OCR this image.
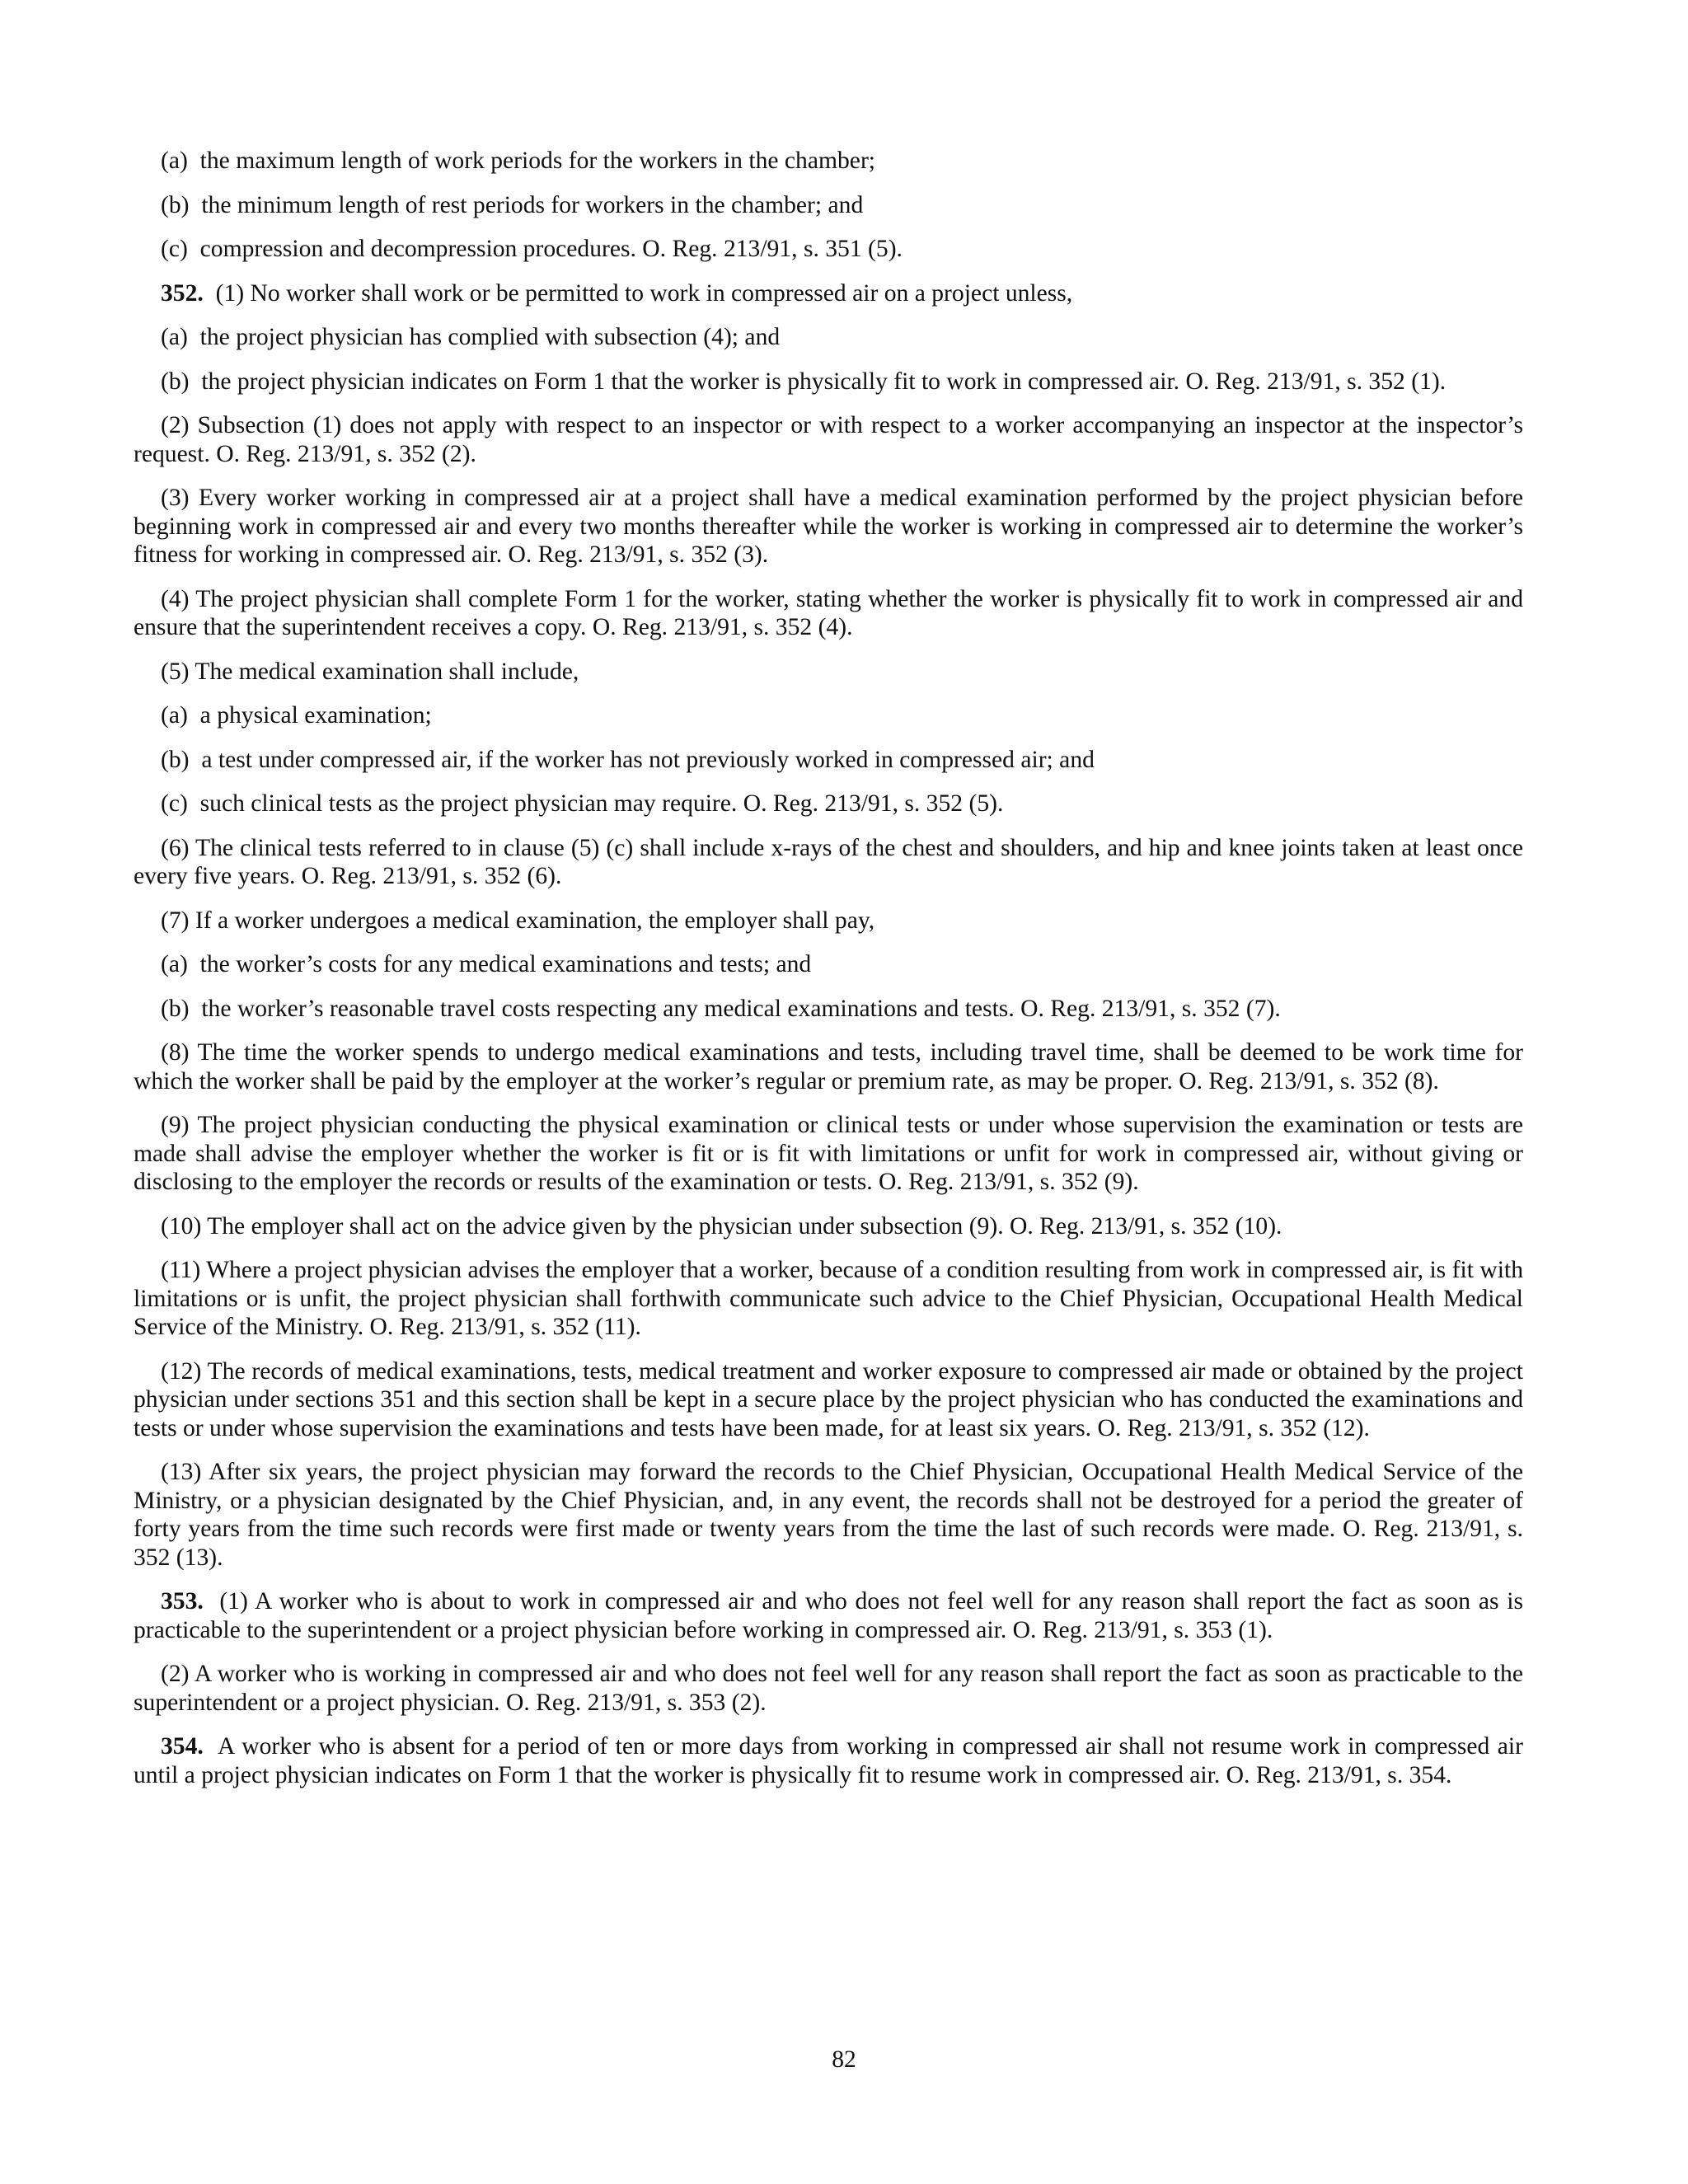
(a) the maximum length of work periods for the workers in the chamber;
(b) the minimum length of rest periods for workers in the chamber; and
(c) compression and decompression procedures. O. Reg. 213/91, s. 351 (5).
352. (1) No worker shall work or be permitted to work in compressed air on a project unless,
(a) the project physician has complied with subsection (4); and
(b) the project physician indicates on Form 1 that the worker is physically fit to work in compressed air. O. Reg. 213/91, s. 352 (1).
(2) Subsection (1) does not apply with respect to an inspector or with respect to a worker accompanying an inspector at the inspector’s request. O. Reg. 213/91, s. 352 (2).
(3) Every worker working in compressed air at a project shall have a medical examination performed by the project physician before beginning work in compressed air and every two months thereafter while the worker is working in compressed air to determine the worker’s fitness for working in compressed air. O. Reg. 213/91, s. 352 (3).
(4) The project physician shall complete Form 1 for the worker, stating whether the worker is physically fit to work in compressed air and ensure that the superintendent receives a copy. O. Reg. 213/91, s. 352 (4).
(5) The medical examination shall include,
(a) a physical examination;
(b) a test under compressed air, if the worker has not previously worked in compressed air; and
(c) such clinical tests as the project physician may require. O. Reg. 213/91, s. 352 (5).
(6) The clinical tests referred to in clause (5) (c) shall include x-rays of the chest and shoulders, and hip and knee joints taken at least once every five years. O. Reg. 213/91, s. 352 (6).
(7) If a worker undergoes a medical examination, the employer shall pay,
(a) the worker’s costs for any medical examinations and tests; and
(b) the worker’s reasonable travel costs respecting any medical examinations and tests. O. Reg. 213/91, s. 352 (7).
(8) The time the worker spends to undergo medical examinations and tests, including travel time, shall be deemed to be work time for which the worker shall be paid by the employer at the worker’s regular or premium rate, as may be proper. O. Reg. 213/91, s. 352 (8).
(9) The project physician conducting the physical examination or clinical tests or under whose supervision the examination or tests are made shall advise the employer whether the worker is fit or is fit with limitations or unfit for work in compressed air, without giving or disclosing to the employer the records or results of the examination or tests. O. Reg. 213/91, s. 352 (9).
(10) The employer shall act on the advice given by the physician under subsection (9). O. Reg. 213/91, s. 352 (10).
(11) Where a project physician advises the employer that a worker, because of a condition resulting from work in compressed air, is fit with limitations or is unfit, the project physician shall forthwith communicate such advice to the Chief Physician, Occupational Health Medical Service of the Ministry. O. Reg. 213/91, s. 352 (11).
(12) The records of medical examinations, tests, medical treatment and worker exposure to compressed air made or obtained by the project physician under sections 351 and this section shall be kept in a secure place by the project physician who has conducted the examinations and tests or under whose supervision the examinations and tests have been made, for at least six years. O. Reg. 213/91, s. 352 (12).
(13) After six years, the project physician may forward the records to the Chief Physician, Occupational Health Medical Service of the Ministry, or a physician designated by the Chief Physician, and, in any event, the records shall not be destroyed for a period the greater of forty years from the time such records were first made or twenty years from the time the last of such records were made. O. Reg. 213/91, s. 352 (13).
353. (1) A worker who is about to work in compressed air and who does not feel well for any reason shall report the fact as soon as is practicable to the superintendent or a project physician before working in compressed air. O. Reg. 213/91, s. 353 (1).
(2) A worker who is working in compressed air and who does not feel well for any reason shall report the fact as soon as practicable to the superintendent or a project physician. O. Reg. 213/91, s. 353 (2).
354. A worker who is absent for a period of ten or more days from working in compressed air shall not resume work in compressed air until a project physician indicates on Form 1 that the worker is physically fit to resume work in compressed air. O. Reg. 213/91, s. 354.
82
